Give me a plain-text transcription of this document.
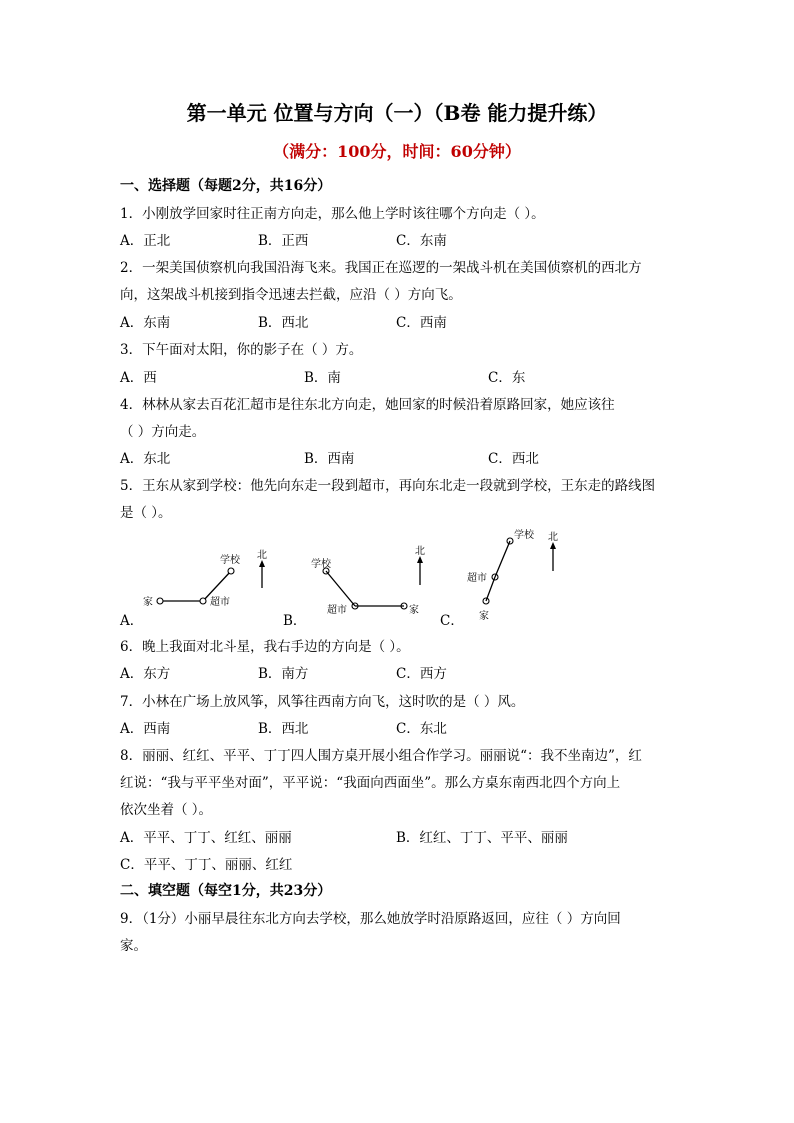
第一单元 位置与方向（一）（B卷 能力提升练）
（满分：100分，时间：60分钟）
一、选择题（每题2分，共16分）
1．小刚放学回家时往正南方向走，那么他上学时该往哪个方向走（ ）。
A．正北	B．正西	C．东南
2．一架美国侦察机向我国沿海飞来。我国正在巡逻的一架战斗机在美国侦察机的西北方
向，这架战斗机接到指令迅速去拦截，应沿（ ）方向飞。
A．东南	B．西北	C．西南
3．下午面对太阳，你的影子在（ ）方。
A．西	B．南	C．东
4．林林从家去百花汇超市是往东北方向走，她回家的时候沿着原路回家，她应该往
（ ）方向走。
A．东北	B．西南	C．西北
5．王东从家到学校：他先向东走一段到超市，再向东北走一段就到学校，王东走的路线图
是（ ）。
A．	B．	C．
家	超市
学校 北
学校
超市	家
北
学校
超市
家
北
6．晚上我面对北斗星，我右手边的方向是（ ）。
A．东方	B．南方	C．西方
7．小林在广场上放风筝，风筝往西南方向飞，这时吹的是（ ）风。
A．西南	B．西北	C．东北
8．丽丽、红红、平平、丁丁四人围方桌开展小组合作学习。丽丽说“：我不坐南边”，红
红说：“我与平平坐对面”，平平说：“我面向西面坐”。那么方桌东南西北四个方向上
依次坐着（ ）。
A．平平、丁丁、红红、丽丽	B．红红、丁丁、平平、丽丽
C．平平、丁丁、丽丽、红红
二、填空题（每空1分，共23分）
9．（1分）小丽早晨往东北方向去学校，那么她放学时沿原路返回，应往（ ）方向回
家。
